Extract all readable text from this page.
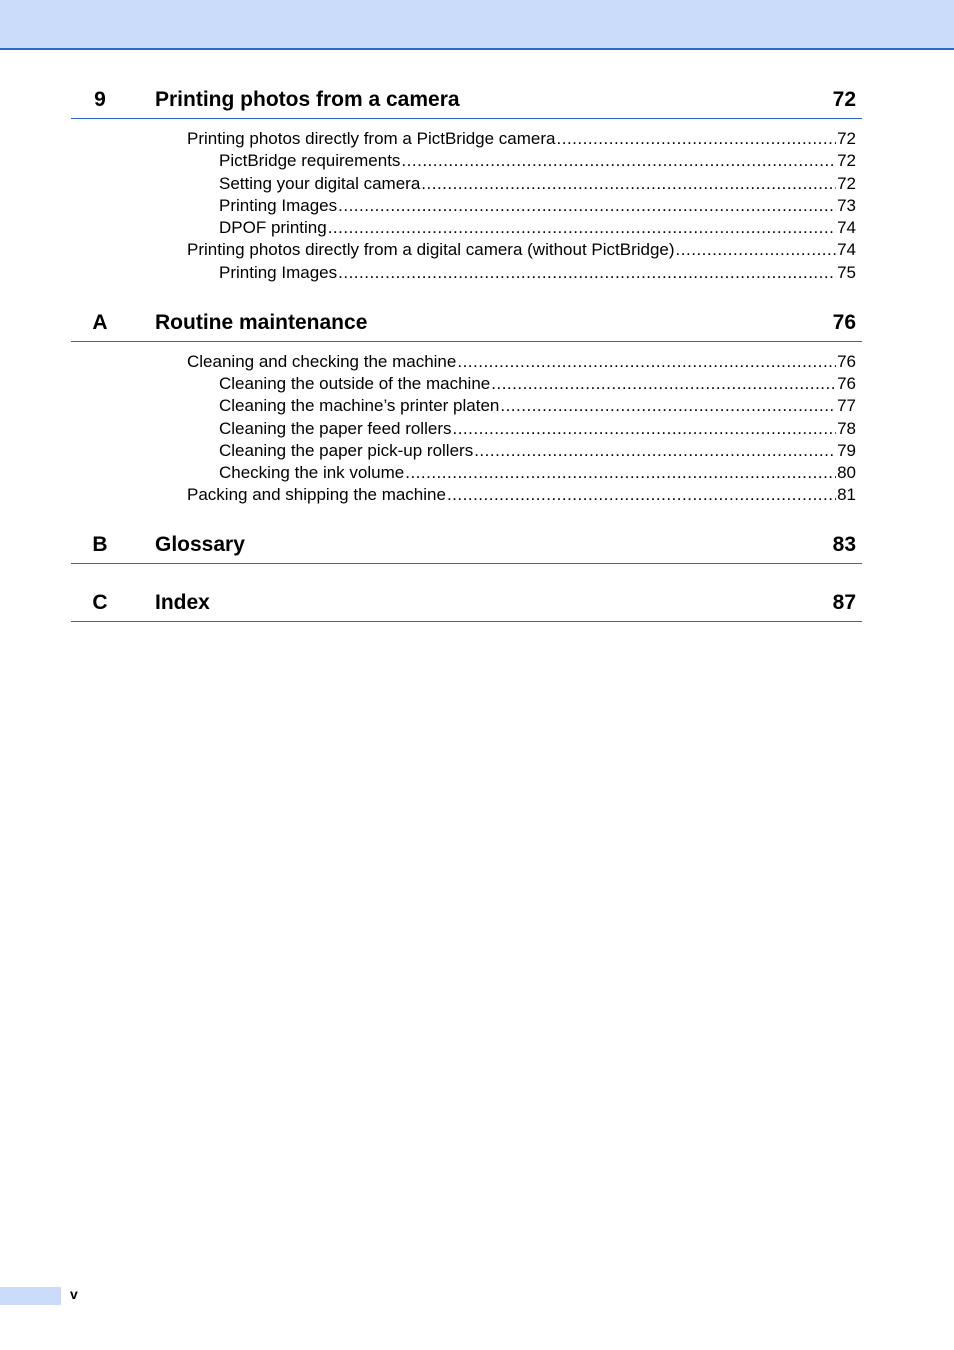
9	Printing photos from a camera	72
Printing photos directly from a PictBridge camera .....	72
PictBridge requirements .....	72
Setting your digital camera .....	72
Printing Images .....	73
DPOF printing .....	74
Printing photos directly from a digital camera (without PictBridge) .....	74
Printing Images .....	75
A	Routine maintenance	76
Cleaning and checking the machine .....	76
Cleaning the outside of the machine .....	76
Cleaning the machine’s printer platen .....	77
Cleaning the paper feed rollers .....	78
Cleaning the paper pick-up rollers .....	79
Checking the ink volume .....	80
Packing and shipping the machine .....	81
B	Glossary	83
C	Index	87
v
